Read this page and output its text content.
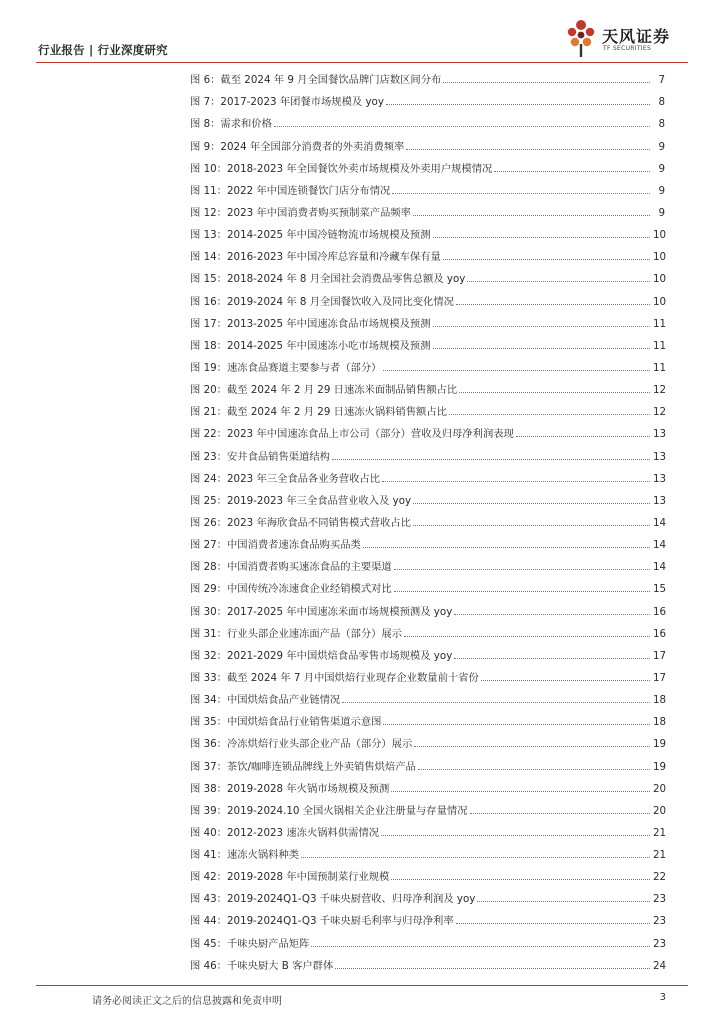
行业报告 | 行业深度研究
天风证券
TF SECURITIES
图 6：截至 2024 年 9 月全国餐饮品牌门店数区间分布	7
图 7：2017-2023 年团餐市场规模及 yoy	8
图 8：需求和价格	8
图 9：2024 年全国部分消费者的外卖消费频率	9
图 10：2018-2023 年全国餐饮外卖市场规模及外卖用户规模情况	9
图 11：2022 年中国连锁餐饮门店分布情况	9
图 12：2023 年中国消费者购买预制菜产品频率	9
图 13：2014-2025 年中国冷链物流市场规模及预测	10
图 14：2016-2023 年中国冷库总容量和冷藏车保有量	10
图 15：2018-2024 年 8 月全国社会消费品零售总额及 yoy	10
图 16：2019-2024 年 8 月全国餐饮收入及同比变化情况	10
图 17：2013-2025 年中国速冻食品市场规模及预测	11
图 18：2014-2025 年中国速冻小吃市场规模及预测	11
图 19：速冻食品赛道主要参与者（部分）	11
图 20：截至 2024 年 2 月 29 日速冻米面制品销售额占比	12
图 21：截至 2024 年 2 月 29 日速冻火锅料销售额占比	12
图 22：2023 年中国速冻食品上市公司（部分）营收及归母净利润表现	13
图 23：安井食品销售渠道结构	13
图 24：2023 年三全食品各业务营收占比	13
图 25：2019-2023 年三全食品营业收入及 yoy	13
图 26：2023 年海欣食品不同销售模式营收占比	14
图 27：中国消费者速冻食品购买品类	14
图 28：中国消费者购买速冻食品的主要渠道	14
图 29：中国传统冷冻速食企业经销模式对比	15
图 30：2017-2025 年中国速冻米面市场规模预测及 yoy	16
图 31：行业头部企业速冻面产品（部分）展示	16
图 32：2021-2029 年中国烘焙食品零售市场规模及 yoy	17
图 33：截至 2024 年 7 月中国烘焙行业现存企业数量前十省份	17
图 34：中国烘焙食品产业链情况	18
图 35：中国烘焙食品行业销售渠道示意图	18
图 36：冷冻烘焙行业头部企业产品（部分）展示	19
图 37：茶饮/咖啡连锁品牌线上外卖销售烘焙产品	19
图 38：2019-2028 年火锅市场规模及预测	20
图 39：2019-2024.10 全国火锅相关企业注册量与存量情况	20
图 40：2012-2023 速冻火锅料供需情况	21
图 41：速冻火锅料种类	21
图 42：2019-2028 年中国预制菜行业规模	22
图 43：2019-2024Q1-Q3 千味央厨营收、归母净利润及 yoy	23
图 44：2019-2024Q1-Q3 千味央厨毛利率与归母净利率	23
图 45：千味央厨产品矩阵	23
图 46：千味央厨大 B 客户群体	24
请务必阅读正文之后的信息披露和免责申明	3
